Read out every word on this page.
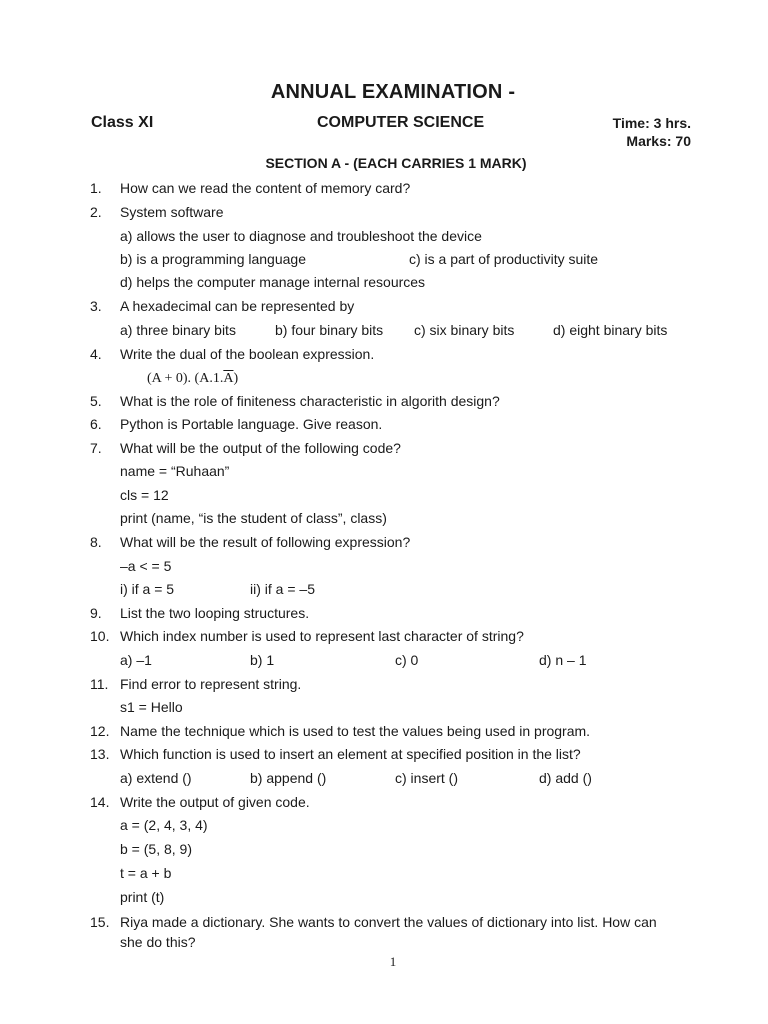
ANNUAL EXAMINATION -
Class XI	COMPUTER SCIENCE	Time: 3 hrs.
Marks: 70
SECTION A - (EACH CARRIES 1 MARK)
1. How can we read the content of memory card?
2. System software
a) allows the user to diagnose and troubleshoot the device
b) is a programming language	c) is a part of productivity suite
d) helps the computer manage internal resources
3. A hexadecimal can be represented by
a) three binary bits	b) four binary bits c) six binary bits	d) eight binary bits
4. Write the dual of the boolean expression.
(A + 0). $(A.1.\overline{A})$
5. What is the role of finiteness characteristic in algorith design?
6. Python is Portable language. Give reason.
7. What will be the output of the following code?
name = “Ruhaan”
cls = 12
print (name, “is the student of class”, class)
8. What will be the result of following expression?
–a < = 5
i) if a = 5	ii) if a = –5
9. List the two looping structures.
10. Which index number is used to represent last character of string?
a) –1	b) 1	c) 0	d) n – 1
11. Find error to represent string.
s1 = Hello
12. Name the technique which is used to test the values being used in program.
13. Which function is used to insert an element at specified position in the list?
a) extend ()	b) append ()	c) insert ()	d) add ()
14. Write the output of given code.
a = (2, 4, 3, 4)
b = (5, 8, 9)
t = a + b
print (t)
15. Riya made a dictionary. She wants to convert the values of dictionary into list. How can
she do this?
1
